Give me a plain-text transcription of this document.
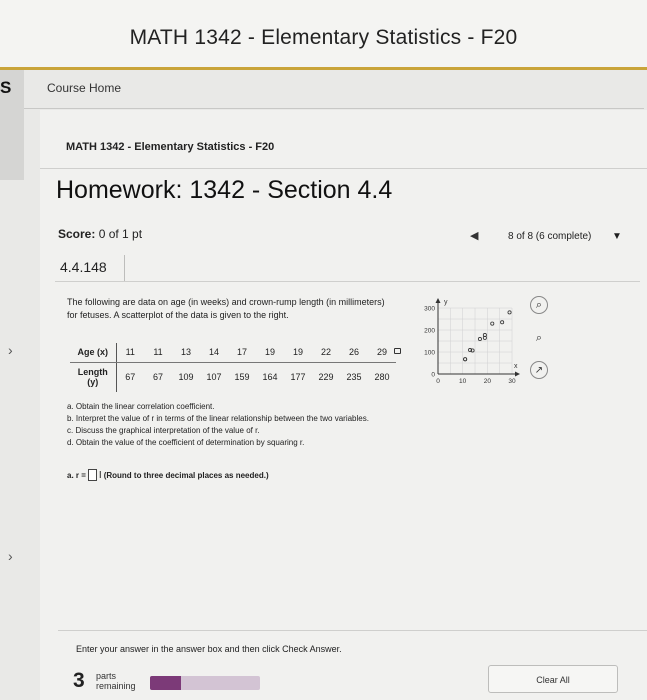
MATH 1342 - Elementary Statistics - F20
S
›
›
Course Home
MATH 1342 - Elementary Statistics - F20
Homework: 1342 - Section 4.4
Score: 0 of 1 pt	◀	8 of 8 (6 complete) ▼
4.4.148
The following are data on age (in weeks) and crown-rump length (in millimeters) for fetuses. A scatterplot of the data is given to the right.
Age (x)	11	11	13	14	17	19	19	22	26	29
Length
(y)	67	67	109	107	159	164	177	229	235	280
y
x
0
100
200
300
0	10	20	30
⌕
⌕
↗
a. Obtain the linear correlation coefficient.
b. Interpret the value of r in terms of the linear relationship between the two variables.
c. Discuss the graphical interpretation of the value of r.
d. Obtain the value of the coefficient of determination by squaring r.
a. r = I (Round to three decimal places as needed.)
Enter your answer in the answer box and then click Check Answer.
3 parts
remaining
Clear All
